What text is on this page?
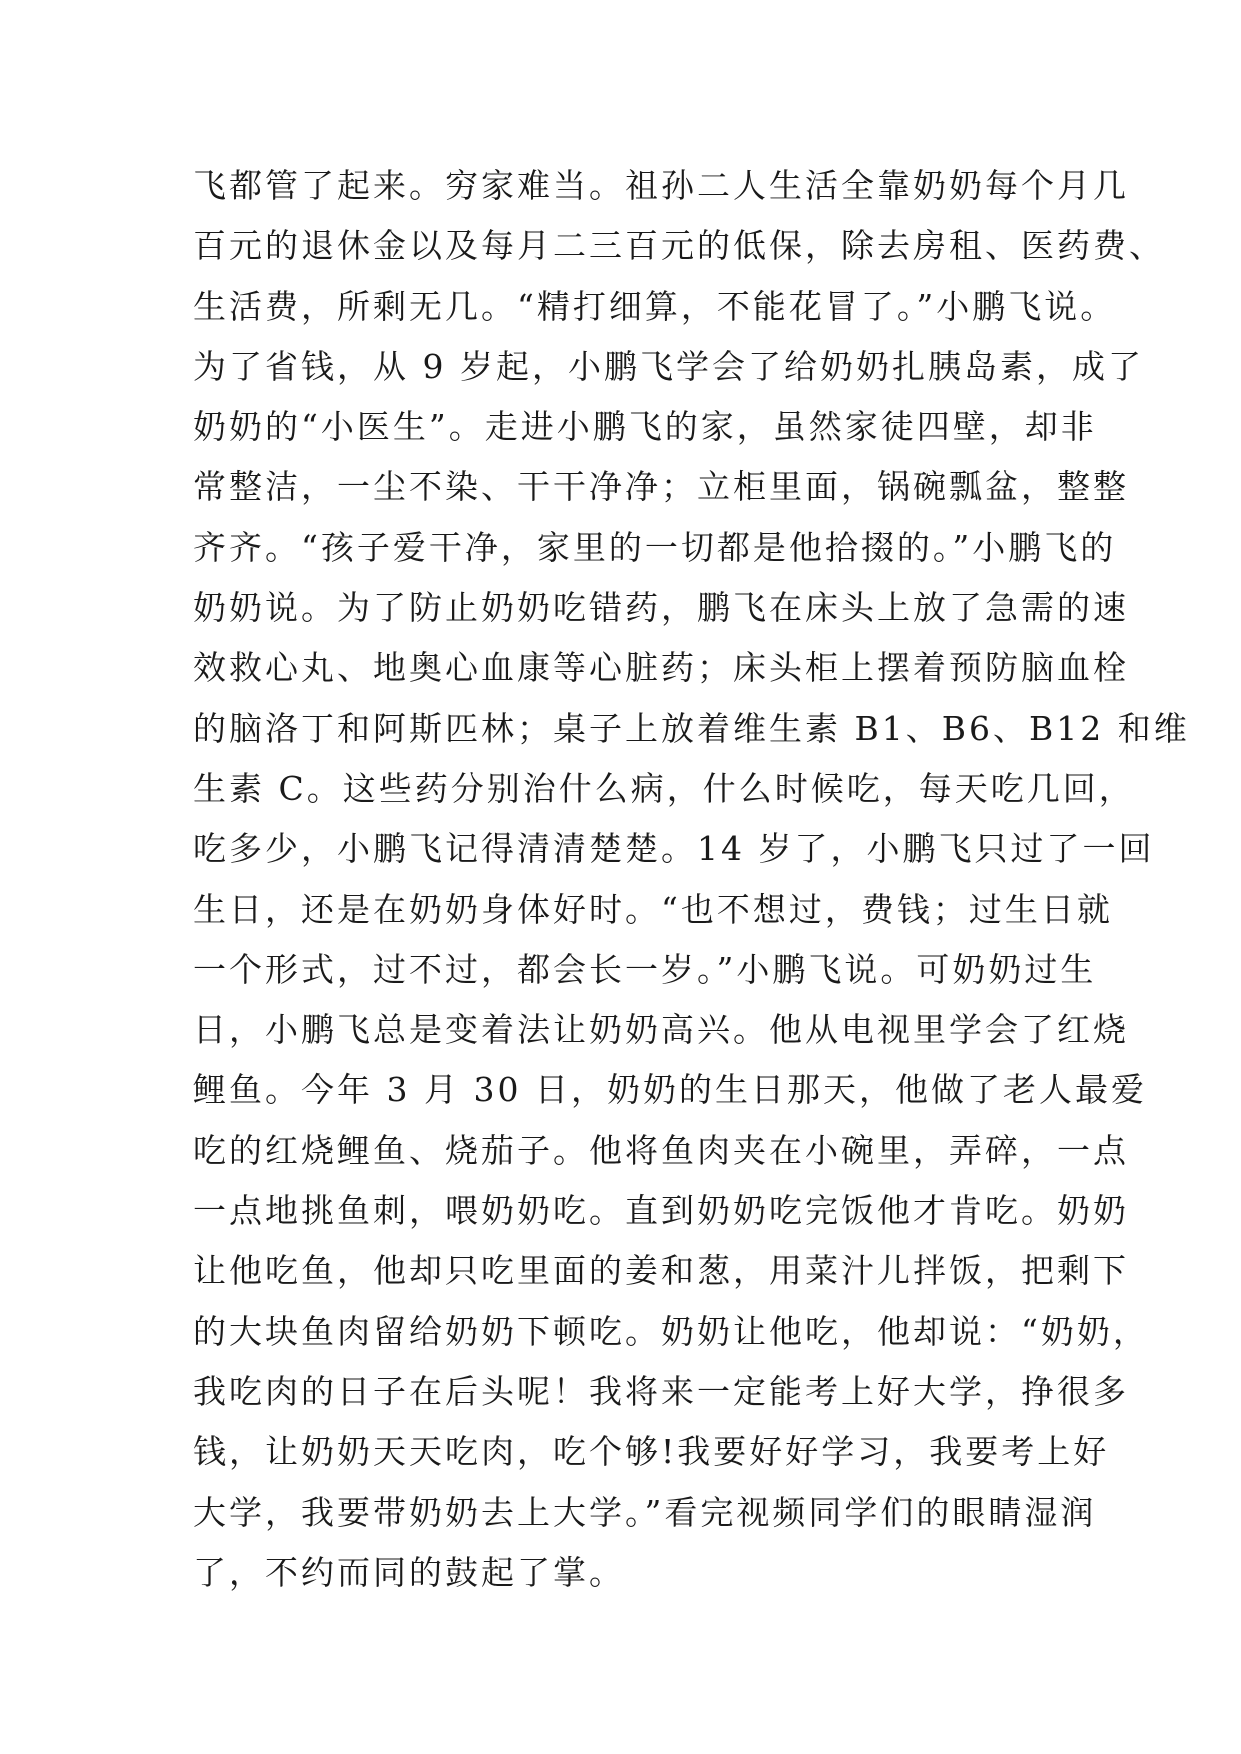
飞都管了起来。穷家难当。祖孙二人生活全靠奶奶每个月几
百元的退休金以及每月二三百元的低保，除去房租、医药费、
生活费，所剩无几。“精打细算，不能花冒了。”小鹏飞说。
为了省钱，从 9 岁起，小鹏飞学会了给奶奶扎胰岛素，成了
奶奶的“小医生”。走进小鹏飞的家，虽然家徒四壁，却非
常整洁，一尘不染、干干净净；立柜里面，锅碗瓢盆，整整
齐齐。“孩子爱干净，家里的一切都是他拾掇的。”小鹏飞的
奶奶说。为了防止奶奶吃错药，鹏飞在床头上放了急需的速
效救心丸、地奥心血康等心脏药；床头柜上摆着预防脑血栓
的脑洛丁和阿斯匹林；桌子上放着维生素 B1、B6、B12 和维
生素 C。这些药分别治什么病，什么时候吃，每天吃几回，
吃多少，小鹏飞记得清清楚楚。14 岁了，小鹏飞只过了一回
生日，还是在奶奶身体好时。“也不想过，费钱；过生日就
一个形式，过不过，都会长一岁。”小鹏飞说。可奶奶过生
日，小鹏飞总是变着法让奶奶高兴。他从电视里学会了红烧
鲤鱼。今年 3 月 30 日，奶奶的生日那天，他做了老人最爱
吃的红烧鲤鱼、烧茄子。他将鱼肉夹在小碗里，弄碎，一点
一点地挑鱼刺，喂奶奶吃。直到奶奶吃完饭他才肯吃。奶奶
让他吃鱼，他却只吃里面的姜和葱，用菜汁儿拌饭，把剩下
的大块鱼肉留给奶奶下顿吃。奶奶让他吃，他却说：“奶奶，
我吃肉的日子在后头呢！我将来一定能考上好大学，挣很多
钱，让奶奶天天吃肉，吃个够!我要好好学习，我要考上好
大学，我要带奶奶去上大学。”看完视频同学们的眼睛湿润
了，不约而同的鼓起了掌。
